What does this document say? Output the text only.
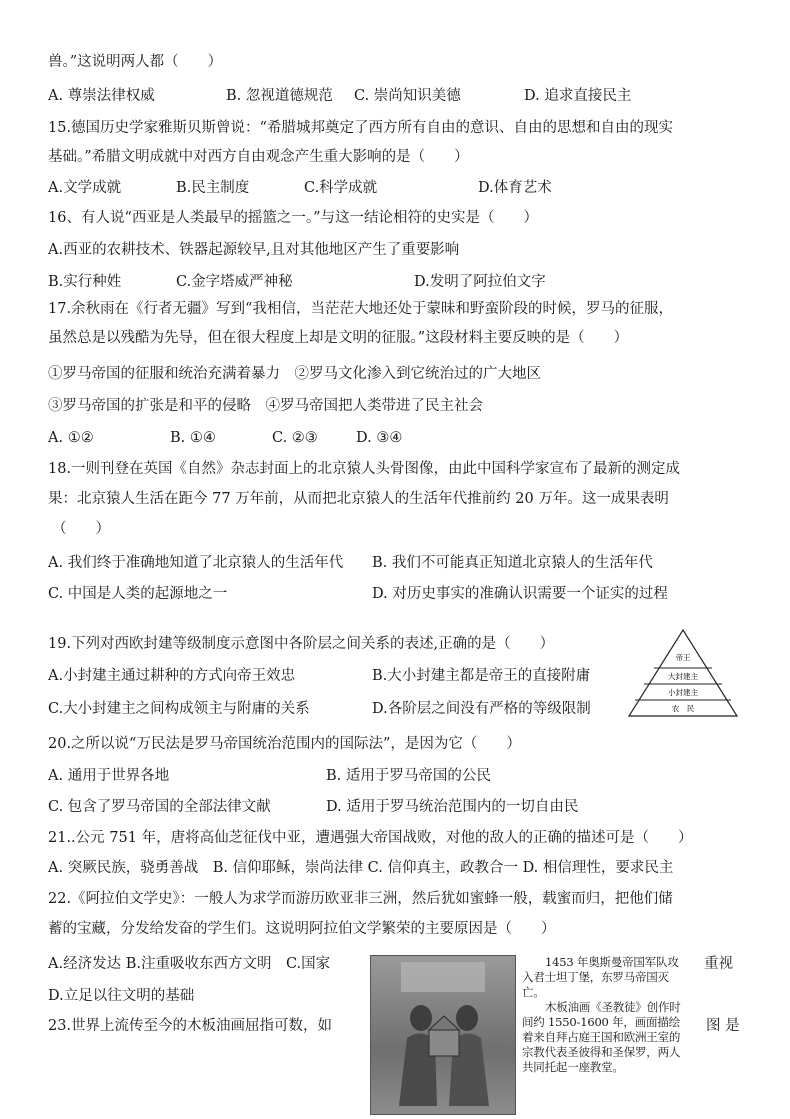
兽。”这说明两人都（　　）
A. 尊崇法律权威	B. 忽视道德规范 C. 崇尚知识美德	D. 追求直接民主
15.德国历史学家雅斯贝斯曾说：“希腊城邦奠定了西方所有自由的意识、自由的思想和自由的现实
基础。”希腊文明成就中对西方自由观念产生重大影响的是（　　）
A.文学成就	B.民主制度	C.科学成就	D.体育艺术
16、有人说“西亚是人类最早的摇篮之一。”与这一结论相符的史实是（　　）
A.西亚的农耕技术、铁器起源较早,且对其他地区产生了重要影响
B.实行种姓	C.金字塔威严神秘	D.发明了阿拉伯文字
17.余秋雨在《行者无疆》写到“我相信，当茫茫大地还处于蒙昧和野蛮阶段的时候，罗马的征服，
虽然总是以残酷为先导，但在很大程度上却是文明的征服。”这段材料主要反映的是（　　）
①罗马帝国的征服和统治充满着暴力　②罗马文化渗入到它统治过的广大地区
③罗马帝国的扩张是和平的侵略　④罗马帝国把人类带进了民主社会
A. ①②	B. ①④	C. ②③	D. ③④
18.一则刊登在英国《自然》杂志封面上的北京猿人头骨图像，由此中国科学家宣布了最新的测定成
果：北京猿人生活在距今 77 万年前，从而把北京猿人的生活年代推前约 20 万年。这一成果表明
（　　）
A. 我们终于准确地知道了北京猿人的生活年代 B. 我们不可能真正知道北京猿人的生活年代
C. 中国是人类的起源地之一	D. 对历史事实的准确认识需要一个证实的过程
19.下列对西欧封建等级制度示意图中各阶层之间关系的表述,正确的是（　　）
A.小封建主通过耕种的方式向帝王效忠	B.大小封建主都是帝王的直接附庸
C.大小封建主之间构成领主与附庸的关系	D.各阶层之间没有严格的等级限制
帝王
大封建主
小封建主
农　民
20.之所以说“万民法是罗马帝国统治范围内的国际法”，是因为它（　　）
A. 通用于世界各地	B. 适用于罗马帝国的公民
C. 包含了罗马帝国的全部法律文献	D. 适用于罗马统治范围内的一切自由民
21..公元 751 年，唐将高仙芝征伐中亚，遭遇强大帝国战败，对他的敌人的正确的描述可是（　　）
A. 突厥民族，骁勇善战　B. 信仰耶稣，崇尚法律 C. 信仰真主，政教合一 D. 相信理性，要求民主
22.《阿拉伯文学史》：一般人为求学而游历欧亚非三洲，然后犹如蜜蜂一般，载蜜而归，把他们储
蓄的宝藏，分发给发奋的学生们。这说明阿拉伯文学繁荣的主要原因是（　　）
A.经济发达 B.注重吸收东西方文明　C.国家	重视
D.立足以往文明的基础
23.世界上流传至今的木板油画屈指可数，如	图 是

1453 年奥斯曼帝国军队攻入君士坦丁堡，东罗马帝国灭亡。

木板油画《圣教徒》创作时间约 1550-1600 年，画面描绘着来自拜占庭王国和欧洲王室的宗教代表圣彼得和圣保罗，两人共同托起一座教堂。
